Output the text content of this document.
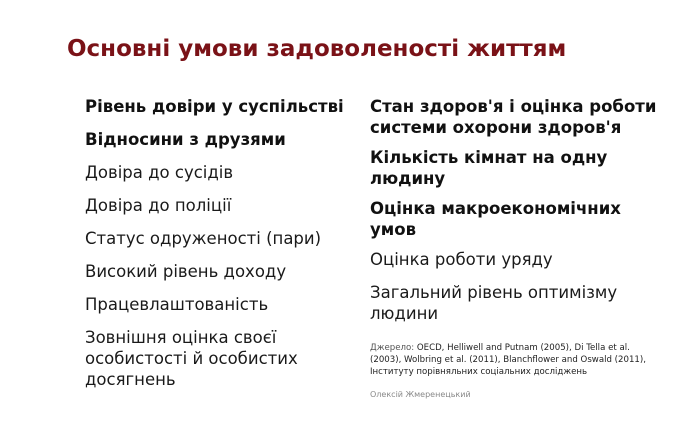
Основні умови задоволеності життям
Рівень довіри у суспільстві
Відносини з друзями
Довіра до сусідів
Довіра до поліції
Статус одруженості (пари)
Високий рівень доходу
Працевлаштованість
Зовнішня оцінка своєї
особистості й особистих
досягнень
Стан здоров'я і оцінка роботи
системи охорони здоров'я
Кількість кімнат на одну
людину
Оцінка макроекономічних
умов
Оцінка роботи уряду
Загальний рівень оптимізму
людини
Джерело: OECD, Helliwell and Putnam (2005), Di Tella et al.
(2003), Wolbring et al. (2011), Blanchflower and Oswald (2011),
Інституту порівняльних соціальних досліджень
Олексій Жмеренецький
